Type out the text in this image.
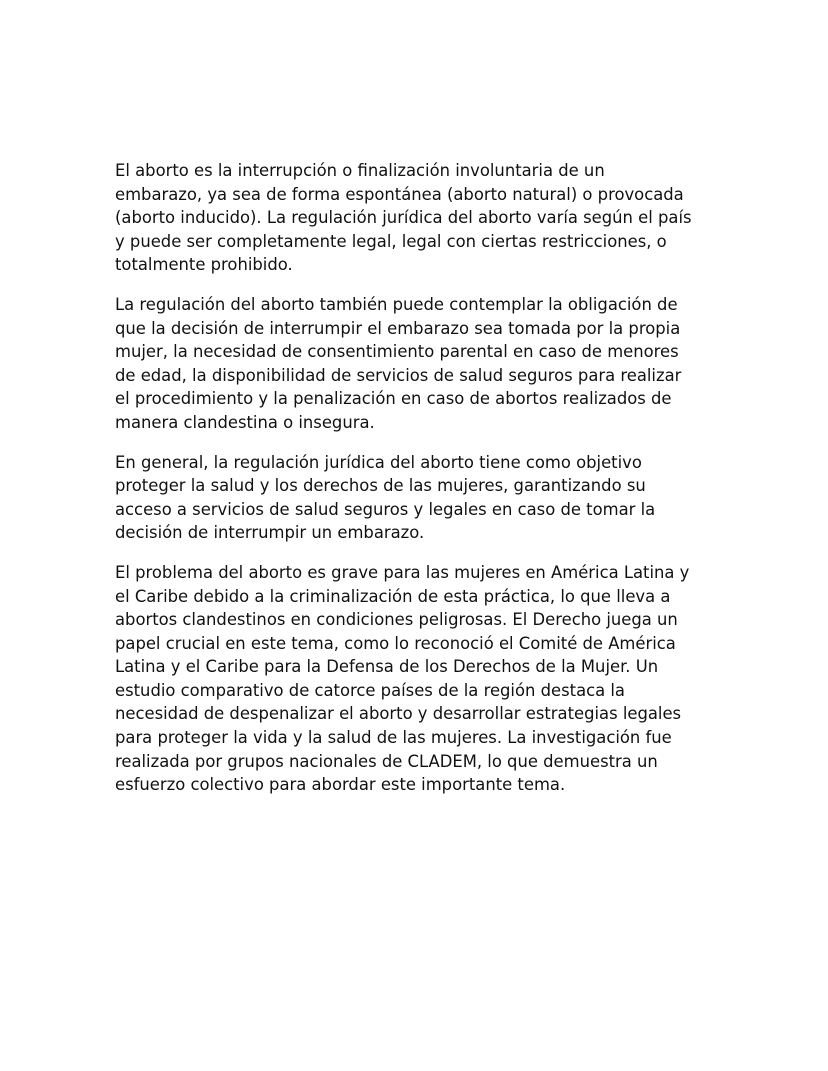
El aborto es la interrupción o finalización involuntaria de un
embarazo, ya sea de forma espontánea (aborto natural) o provocada
(aborto inducido). La regulación jurídica del aborto varía según el país
y puede ser completamente legal, legal con ciertas restricciones, o
totalmente prohibido.

La regulación del aborto también puede contemplar la obligación de
que la decisión de interrumpir el embarazo sea tomada por la propia
mujer, la necesidad de consentimiento parental en caso de menores
de edad, la disponibilidad de servicios de salud seguros para realizar
el procedimiento y la penalización en caso de abortos realizados de
manera clandestina o insegura.

En general, la regulación jurídica del aborto tiene como objetivo
proteger la salud y los derechos de las mujeres, garantizando su
acceso a servicios de salud seguros y legales en caso de tomar la
decisión de interrumpir un embarazo.

El problema del aborto es grave para las mujeres en América Latina y
el Caribe debido a la criminalización de esta práctica, lo que lleva a
abortos clandestinos en condiciones peligrosas. El Derecho juega un
papel crucial en este tema, como lo reconoció el Comité de América
Latina y el Caribe para la Defensa de los Derechos de la Mujer. Un
estudio comparativo de catorce países de la región destaca la
necesidad de despenalizar el aborto y desarrollar estrategias legales
para proteger la vida y la salud de las mujeres. La investigación fue
realizada por grupos nacionales de CLADEM, lo que demuestra un
esfuerzo colectivo para abordar este importante tema.
